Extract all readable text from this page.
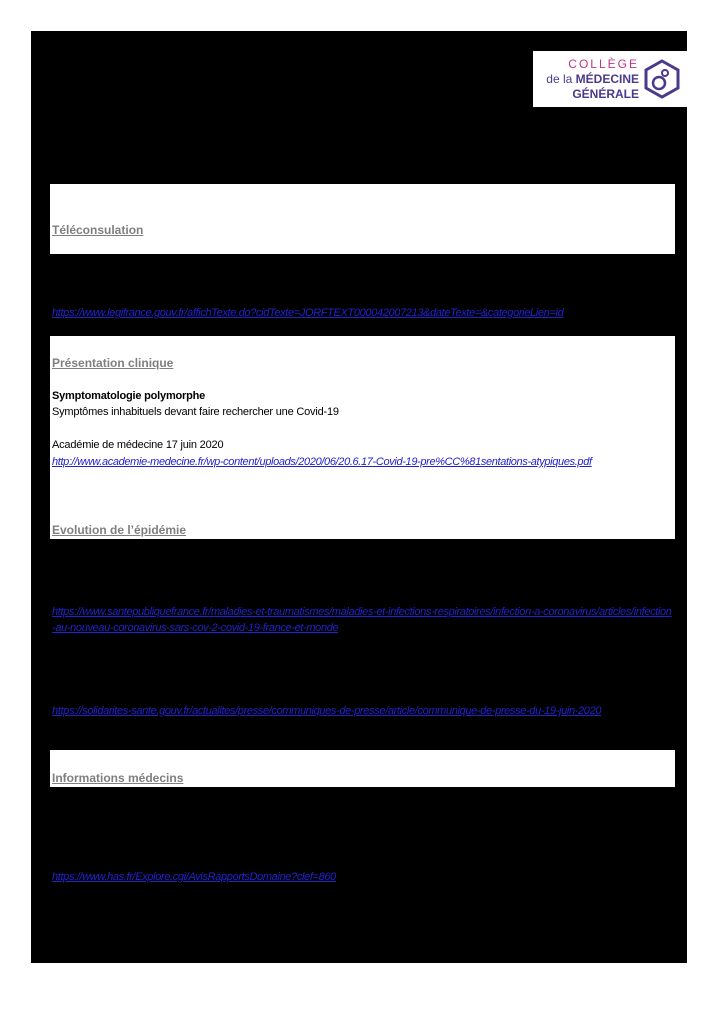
COLLÈGE
de la MÉDECINE
GÉNÉRALE
Téléconsulation
https://www.legifrance.gouv.fr/affichTexte.do?cidTexte=JORFTEXT000042007213&dateTexte=&categorieLien=id
Présentation clinique
Symptomatologie polymorphe
Symptômes inhabituels devant faire rechercher une Covid-19
Académie de médecine 17 juin 2020
http://www.academie-medecine.fr/wp-content/uploads/2020/06/20.6.17-Covid-19-pre%CC%81sentations-atypiques.pdf
Evolution de l’épidémie
https://www.santepubliquefrance.fr/maladies-et-traumatismes/maladies-et-infections-respiratoires/infection-a-coronavirus/articles/infection-au-nouveau-coronavirus-sars-cov-2-covid-19-france-et-monde
https://solidarites-sante.gouv.fr/actualites/presse/communiques-de-presse/article/communique-de-presse-du-19-juin-2020
Informations médecins
https://www.has.fr/Explore.cgi/AvisRapportsDomaine?clef=860
